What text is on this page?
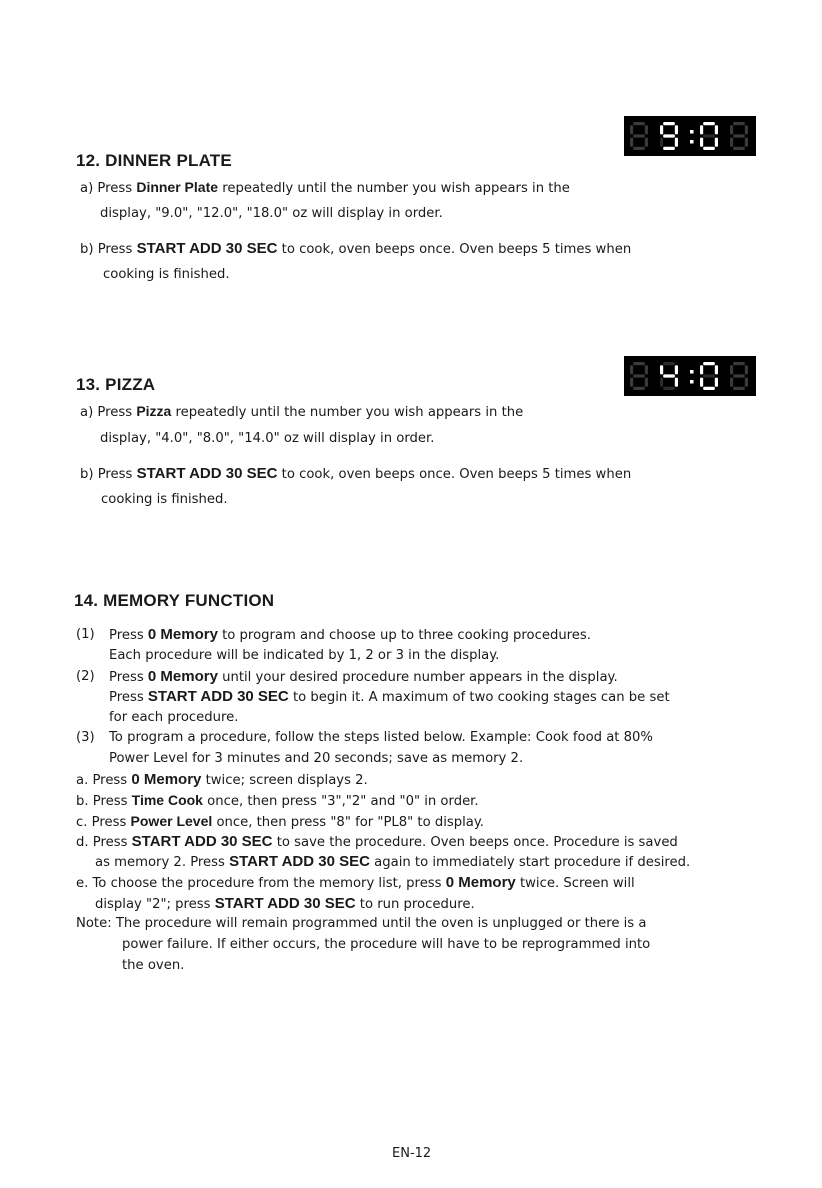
12. DINNER PLATE
a) Press Dinner Plate repeatedly until the number you wish appears in the
display, "9.0", "12.0", "18.0" oz will display in order.
b) Press START ADD 30 SEC to cook, oven beeps once. Oven beeps 5 times when
cooking is finished.
13. PIZZA
a) Press Pizza repeatedly until the number you wish appears in the
display, "4.0", "8.0", "14.0" oz will display in order.
b) Press START ADD 30 SEC to cook, oven beeps once. Oven beeps 5 times when
cooking is finished.
14. MEMORY FUNCTION
(1) Press 0 Memory to program and choose up to three cooking procedures.
Each procedure will be indicated by 1, 2 or 3 in the display.
(2) Press 0 Memory until your desired procedure number appears in the display.
Press START ADD 30 SEC to begin it. A maximum of two cooking stages can be set
for each procedure.
(3) To program a procedure, follow the steps listed below. Example: Cook food at 80%
Power Level for 3 minutes and 20 seconds; save as memory 2.
a. Press 0 Memory twice; screen displays 2.
b. Press Time Cook once, then press "3","2" and "0" in order.
c. Press Power Level once, then press "8" for "PL8" to display.
d. Press START ADD 30 SEC to save the procedure. Oven beeps once. Procedure is saved
as memory 2. Press START ADD 30 SEC again to immediately start procedure if desired.
e. To choose the procedure from the memory list, press 0 Memory twice. Screen will
display "2"; press START ADD 30 SEC to run procedure.
Note: The procedure will remain programmed until the oven is unplugged or there is a
power failure. If either occurs, the procedure will have to be reprogrammed into
the oven.
EN-12
